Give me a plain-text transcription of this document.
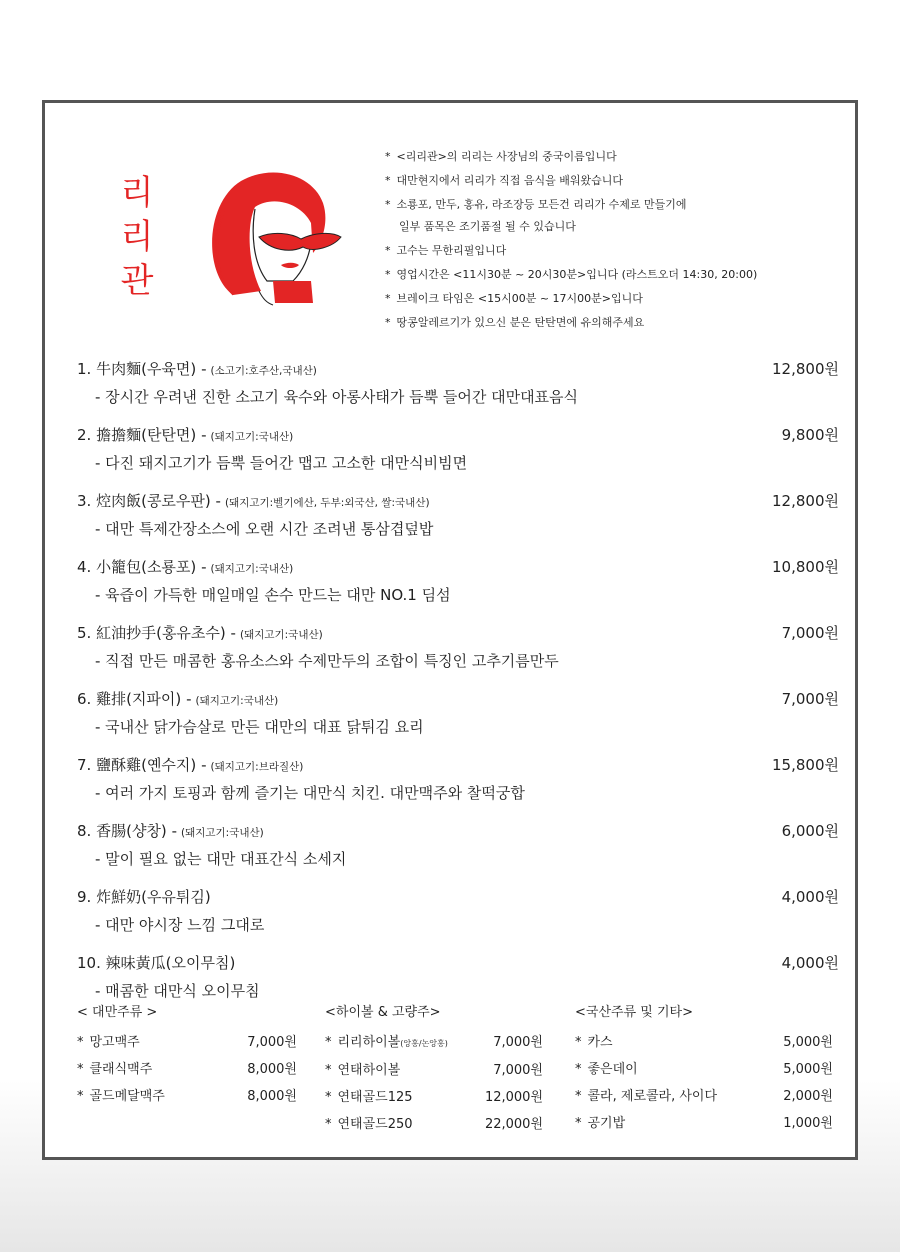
리
리
관
* <리리관>의 리리는 사장님의 중국이름입니다
* 대만현지에서 리리가 직접 음식을 배워왔습니다
* 소룡포, 만두, 홍유, 라조장등 모든건 리리가 수제로 만들기에
일부 품목은 조기품절 될 수 있습니다
* 고수는 무한리필입니다
* 영업시간은 <11시30분 ~ 20시30분>입니다 (라스트오더 14:30, 20:00)
* 브레이크 타임은 <15시00분 ~ 17시00분>입니다
* 땅콩알레르기가 있으신 분은 탄탄면에 유의해주세요
1. 牛肉麵(우육면) - (소고기:호주산,국내산)	12,800원
- 장시간 우려낸 진한 소고기 육수와 아롱사태가 듬뿍 들어간 대만대표음식
2. 擔擔麵(탄탄면) - (돼지고기:국내산)	9,800원
- 다진 돼지고기가 듬뿍 들어간 맵고 고소한 대만식비빔면
3. 焢肉飯(콩로우판) - (돼지고기:벨기에산, 두부:외국산, 쌀:국내산)	12,800원
- 대만 특제간장소스에 오랜 시간 조려낸 통삼겹덮밥
4. 小籠包(소룡포) - (돼지고기:국내산)	10,800원
- 육즙이 가득한 매일매일 손수 만드는 대만 NO.1 딤섬
5. 紅油抄手(홍유초수) - (돼지고기:국내산)	7,000원
- 직접 만든 매콤한 홍유소스와 수제만두의 조합이 특징인 고추기름만두
6. 雞排(지파이) - (돼지고기:국내산)	7,000원
- 국내산 닭가슴살로 만든 대만의 대표 닭튀김 요리
7. 鹽酥雞(옌수지) - (돼지고기:브라질산)	15,800원
- 여러 가지 토핑과 함께 즐기는 대만식 치킨. 대만맥주와 찰떡궁합
8. 香腸(샹창) - (돼지고기:국내산)	6,000원
- 말이 필요 없는 대만 대표간식 소세지
9. 炸鮮奶(우유튀김)	4,000원
- 대만 야시장 느낌 그대로
10. 辣味黃瓜(오이무침)	4,000원
- 매콤한 대만식 오이무침
< 대만주류 >
* 망고맥주	7,000원
* 클래식맥주	8,000원
* 골드메달맥주	8,000원
<하이볼 & 고량주>
* 리리하이볼(앙홍/논앙홍)	7,000원
* 연태하이볼	7,000원
* 연태골드125	12,000원
* 연태골드250	22,000원
<국산주류 및 기타>
* 카스	5,000원
* 좋은데이	5,000원
* 콜라, 제로콜라, 사이다	2,000원
* 공기밥	1,000원
